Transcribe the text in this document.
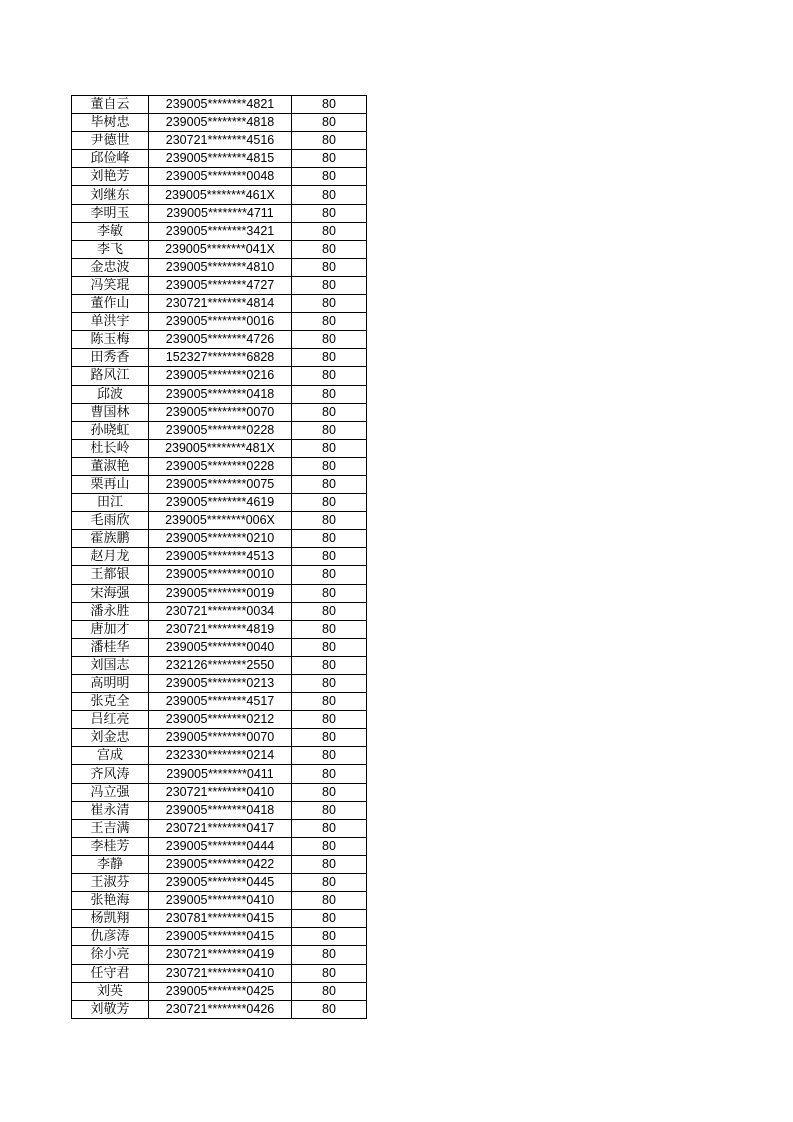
董自云	239005********4821	80
毕树忠	239005********4818	80
尹德世	230721********4516	80
邱俭峰	239005********4815	80
刘艳芳	239005********0048	80
刘继东	239005********461X	80
李明玉	239005********4711	80
李敏	239005********3421	80
李飞	239005********041X	80
金忠波	239005********4810	80
冯笑琨	239005********4727	80
董作山	230721********4814	80
单洪宇	239005********0016	80
陈玉梅	239005********4726	80
田秀香	152327********6828	80
路风江	239005********0216	80
邱波	239005********0418	80
曹国林	239005********0070	80
孙晓虹	239005********0228	80
杜长岭	239005********481X	80
董淑艳	239005********0228	80
栗再山	239005********0075	80
田江	239005********4619	80
毛雨欣	239005********006X	80
霍族鹏	239005********0210	80
赵月龙	239005********4513	80
王都银	239005********0010	80
宋海强	239005********0019	80
潘永胜	230721********0034	80
唐加才	230721********4819	80
潘桂华	239005********0040	80
刘国志	232126********2550	80
高明明	239005********0213	80
张克全	239005********4517	80
吕红亮	239005********0212	80
刘金忠	239005********0070	80
宫成	232330********0214	80
齐风涛	239005********0411	80
冯立强	230721********0410	80
崔永清	239005********0418	80
王吉满	230721********0417	80
李桂芳	239005********0444	80
李静	239005********0422	80
王淑芬	239005********0445	80
张艳海	239005********0410	80
杨凯翔	230781********0415	80
仇彦涛	239005********0415	80
徐小亮	230721********0419	80
任守君	230721********0410	80
刘英	239005********0425	80
刘敬芳	230721********0426	80
